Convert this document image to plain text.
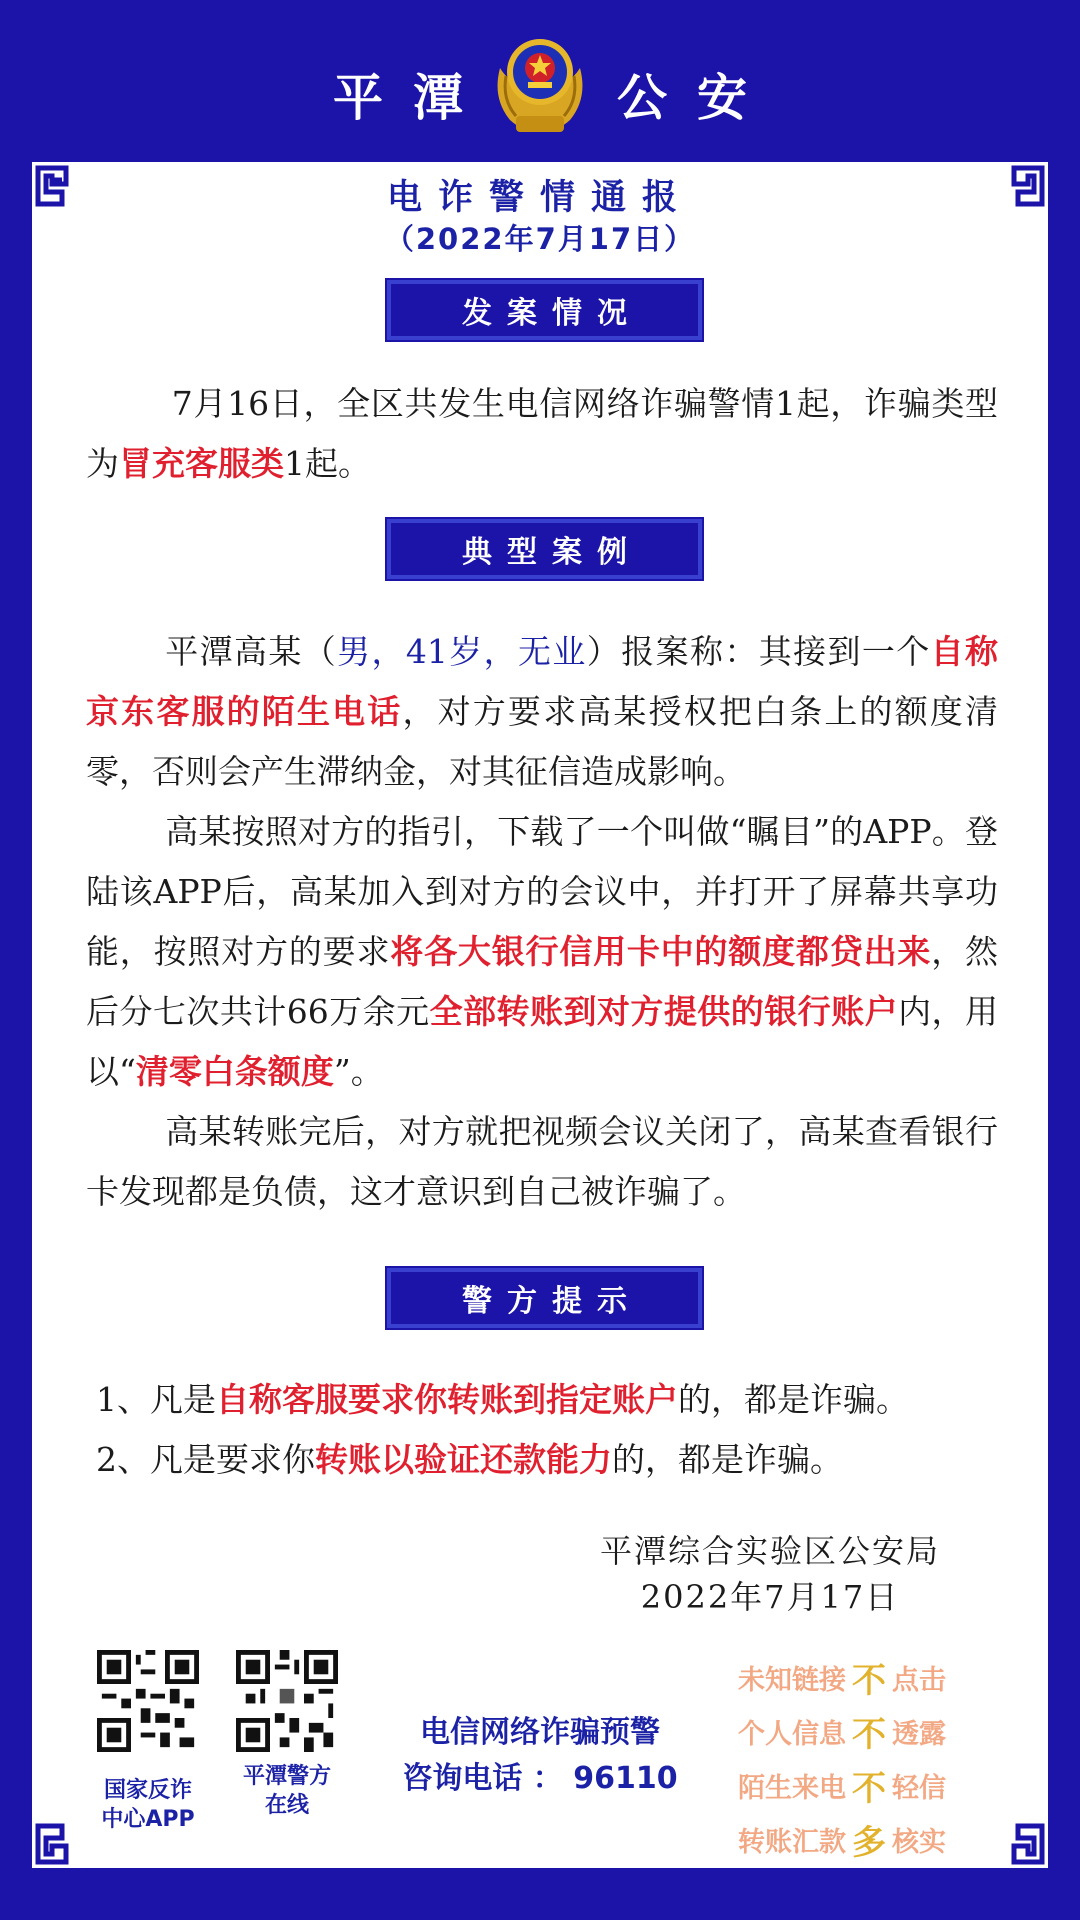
平潭 公安
电诈警情通报
（2022年7月17日）
发案情况
7月16日，全区共发生电信网络诈骗警情1起，诈骗类型为冒充客服类1起。
典型案例
平潭高某（男，41岁，无业）报案称：其接到一个自称京东客服的陌生电话，对方要求高某授权把白条上的额度清零，否则会产生滞纳金，对其征信造成影响。
高某按照对方的指引，下载了一个叫做“瞩目”的APP。登陆该APP后，高某加入到对方的会议中，并打开了屏幕共享功能，按照对方的要求将各大银行信用卡中的额度都贷出来，然后分七次共计66万余元全部转账到对方提供的银行账户内，用以“清零白条额度”。
高某转账完后，对方就把视频会议关闭了，高某查看银行卡发现都是负债，这才意识到自己被诈骗了。
警方提示
1、凡是自称客服要求你转账到指定账户的，都是诈骗。
2、凡是要求你转账以验证还款能力的，都是诈骗。
平潭综合实验区公安局
2022年7月17日
国家反诈
中心APP
平潭警方
在线
电信网络诈骗预警
咨询电话 ： 96110
未知链接 不 点击
个人信息 不 透露
陌生来电 不 轻信
转账汇款 多 核实
